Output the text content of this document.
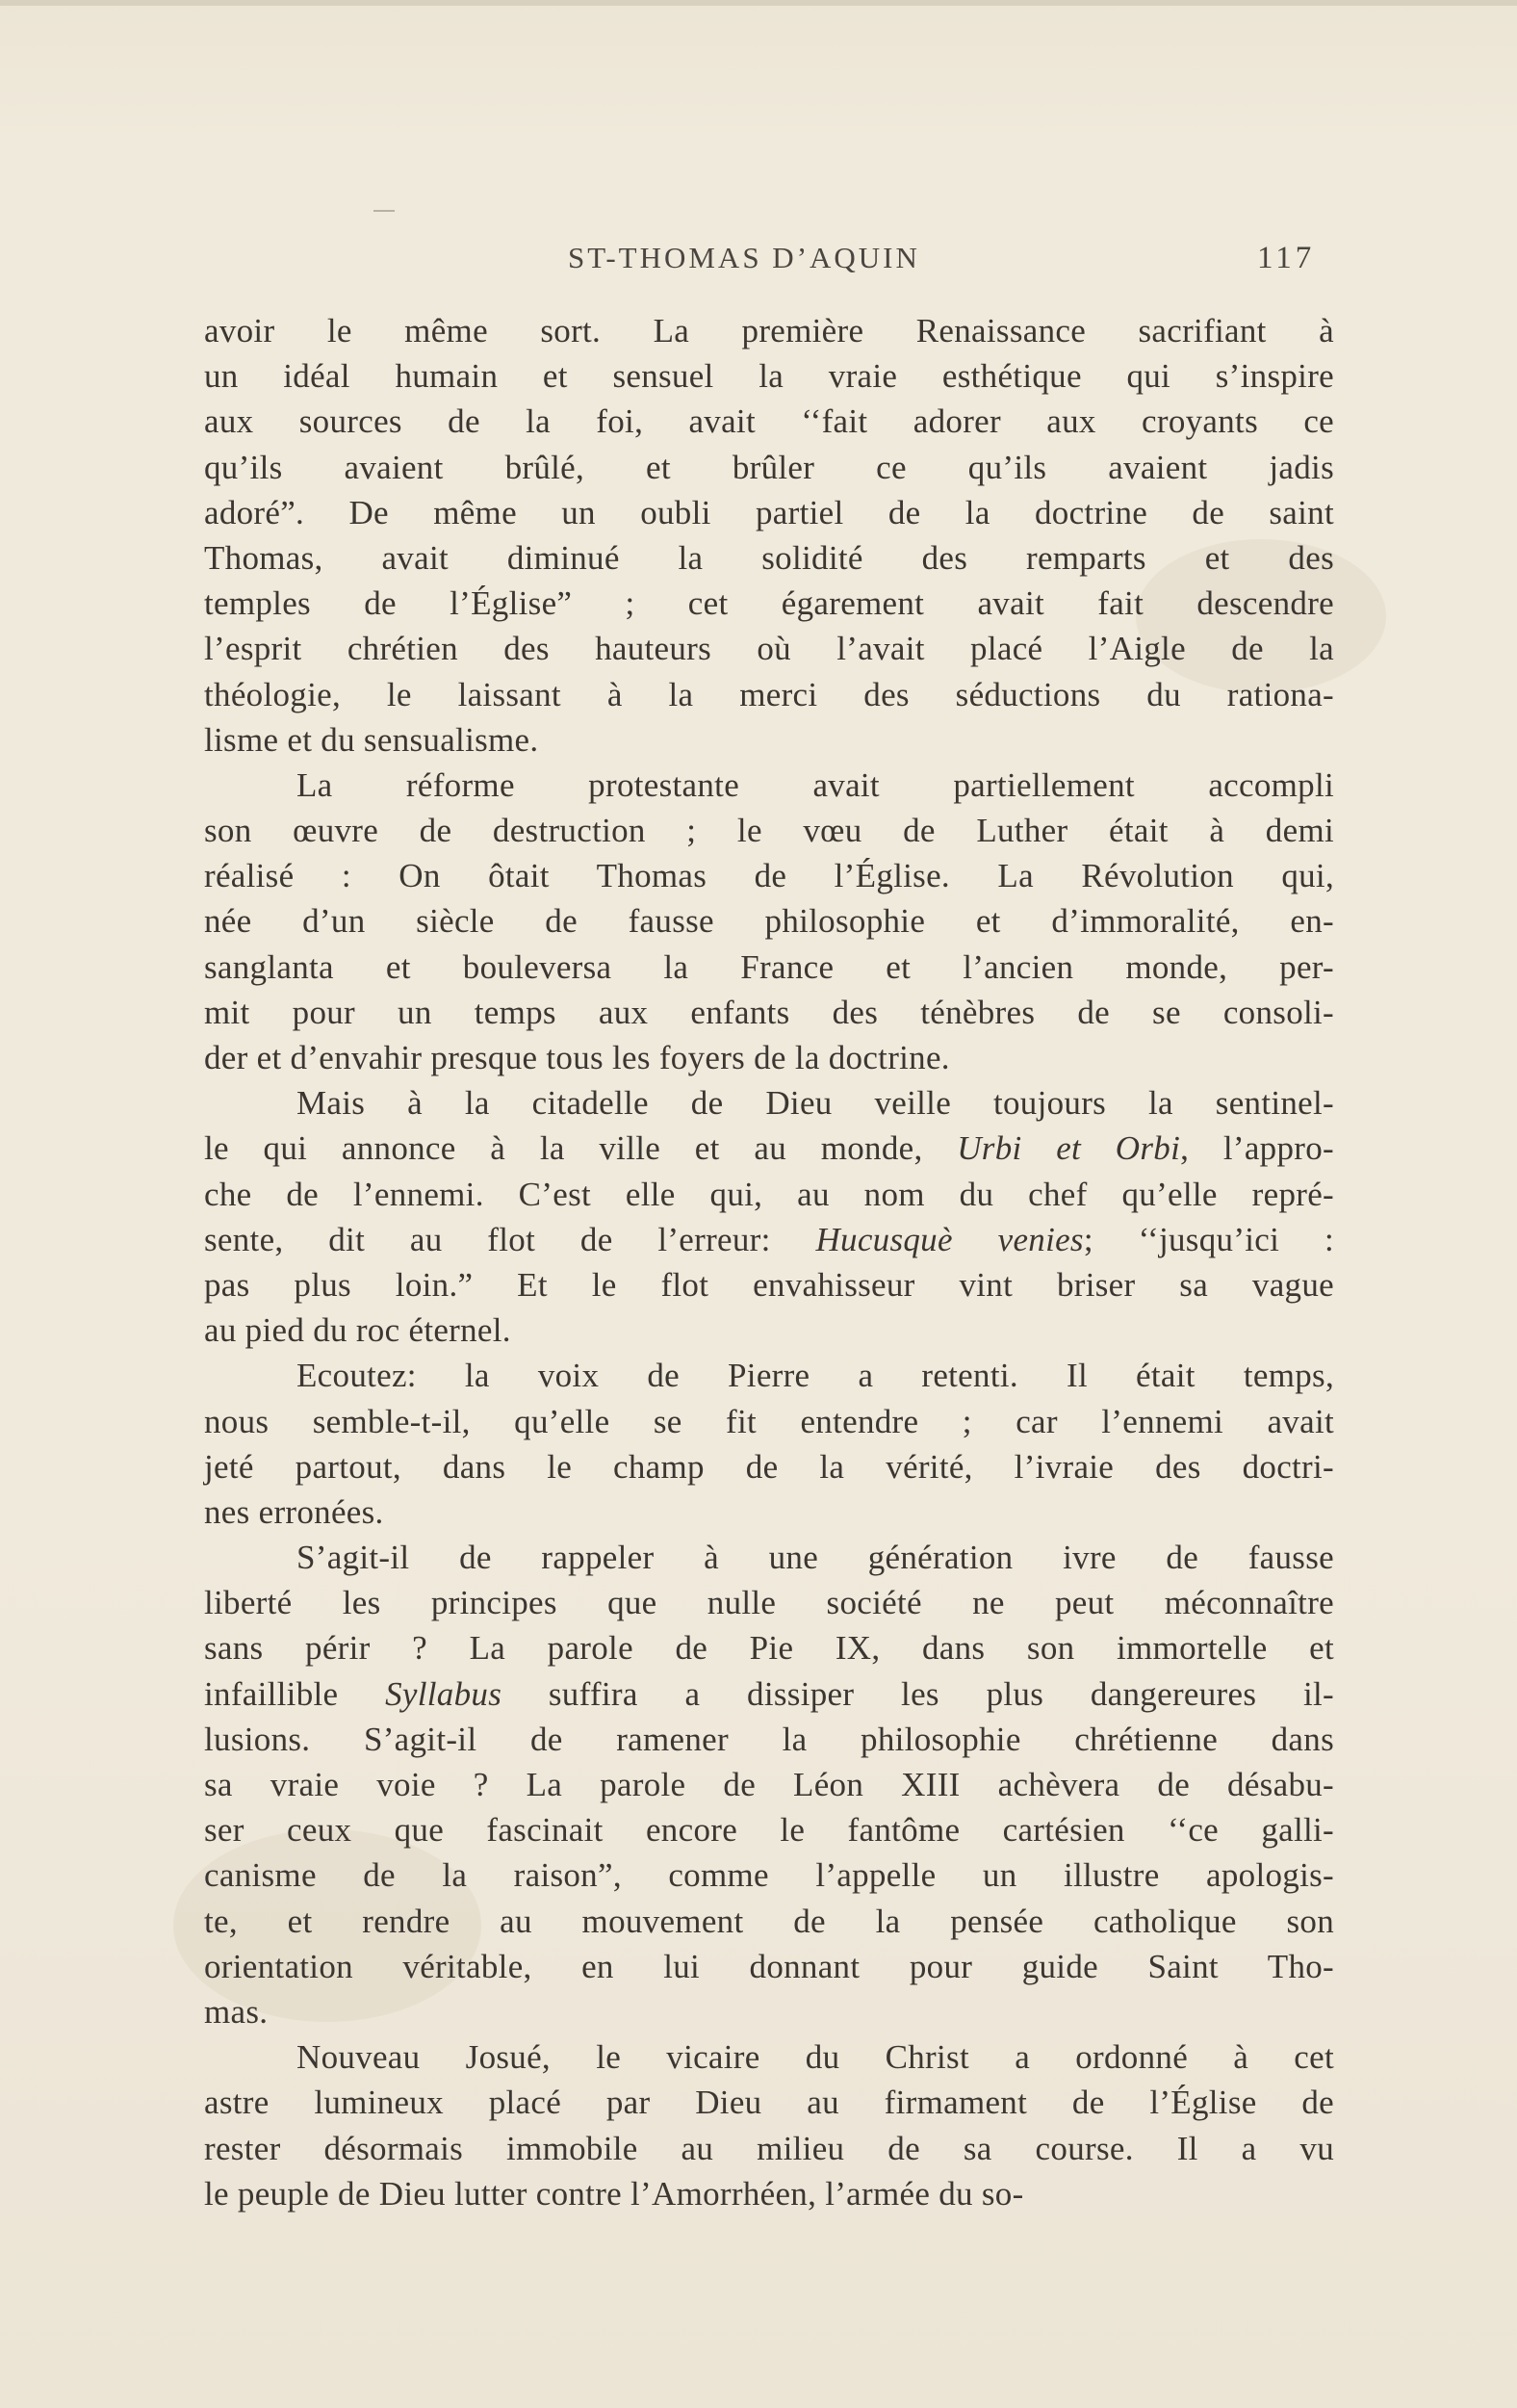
ST-THOMAS D’AQUIN	117
avoir le même sort. La première Renaissance sacrifiant à
un idéal humain et sensuel la vraie esthétique qui s’inspire
aux sources de la foi, avait ‘‘fait adorer aux croyants ce
qu’ils avaient brûlé, et brûler ce qu’ils avaient jadis
adoré”. De même un oubli partiel de la doctrine de saint
Thomas, avait diminué la solidité des remparts et des
temples de l’Église” ; cet égarement avait fait descendre
l’esprit chrétien des hauteurs où l’avait placé l’Aigle de la
théologie, le laissant à la merci des séductions du rationa-
lisme et du sensualisme.
La réforme protestante avait partiellement accompli
son œuvre de destruction ; le vœu de Luther était à demi
réalisé : On ôtait Thomas de l’Église. La Révolution qui,
née d’un siècle de fausse philosophie et d’immoralité, en-
sanglanta et bouleversa la France et l’ancien monde, per-
mit pour un temps aux enfants des ténèbres de se consoli-
der et d’envahir presque tous les foyers de la doctrine.
Mais à la citadelle de Dieu veille toujours la sentinel-
le qui annonce à la ville et au monde, Urbi et Orbi, l’appro-
che de l’ennemi. C’est elle qui, au nom du chef qu’elle repré-
sente, dit au flot de l’erreur: Hucusquè venies; ‘‘jusqu’ici :
pas plus loin.” Et le flot envahisseur vint briser sa vague
au pied du roc éternel.
Ecoutez: la voix de Pierre a retenti. Il était temps,
nous semble-t-il, qu’elle se fit entendre ; car l’ennemi avait
jeté partout, dans le champ de la vérité, l’ivraie des doctri-
nes erronées.
S’agit-il de rappeler à une génération ivre de fausse
liberté les principes que nulle société ne peut méconnaître
sans périr ? La parole de Pie IX, dans son immortelle et
infaillible Syllabus suffira a dissiper les plus dangereures il-
lusions. S’agit-il de ramener la philosophie chrétienne dans
sa vraie voie ? La parole de Léon XIII achèvera de désabu-
ser ceux que fascinait encore le fantôme cartésien ‘‘ce galli-
canisme de la raison”, comme l’appelle un illustre apologis-
te, et rendre au mouvement de la pensée catholique son
orientation véritable, en lui donnant pour guide Saint Tho-
mas.
Nouveau Josué, le vicaire du Christ a ordonné à cet
astre lumineux placé par Dieu au firmament de l’Église de
rester désormais immobile au milieu de sa course. Il a vu
le peuple de Dieu lutter contre l’Amorrhéen, l’armée du so-
